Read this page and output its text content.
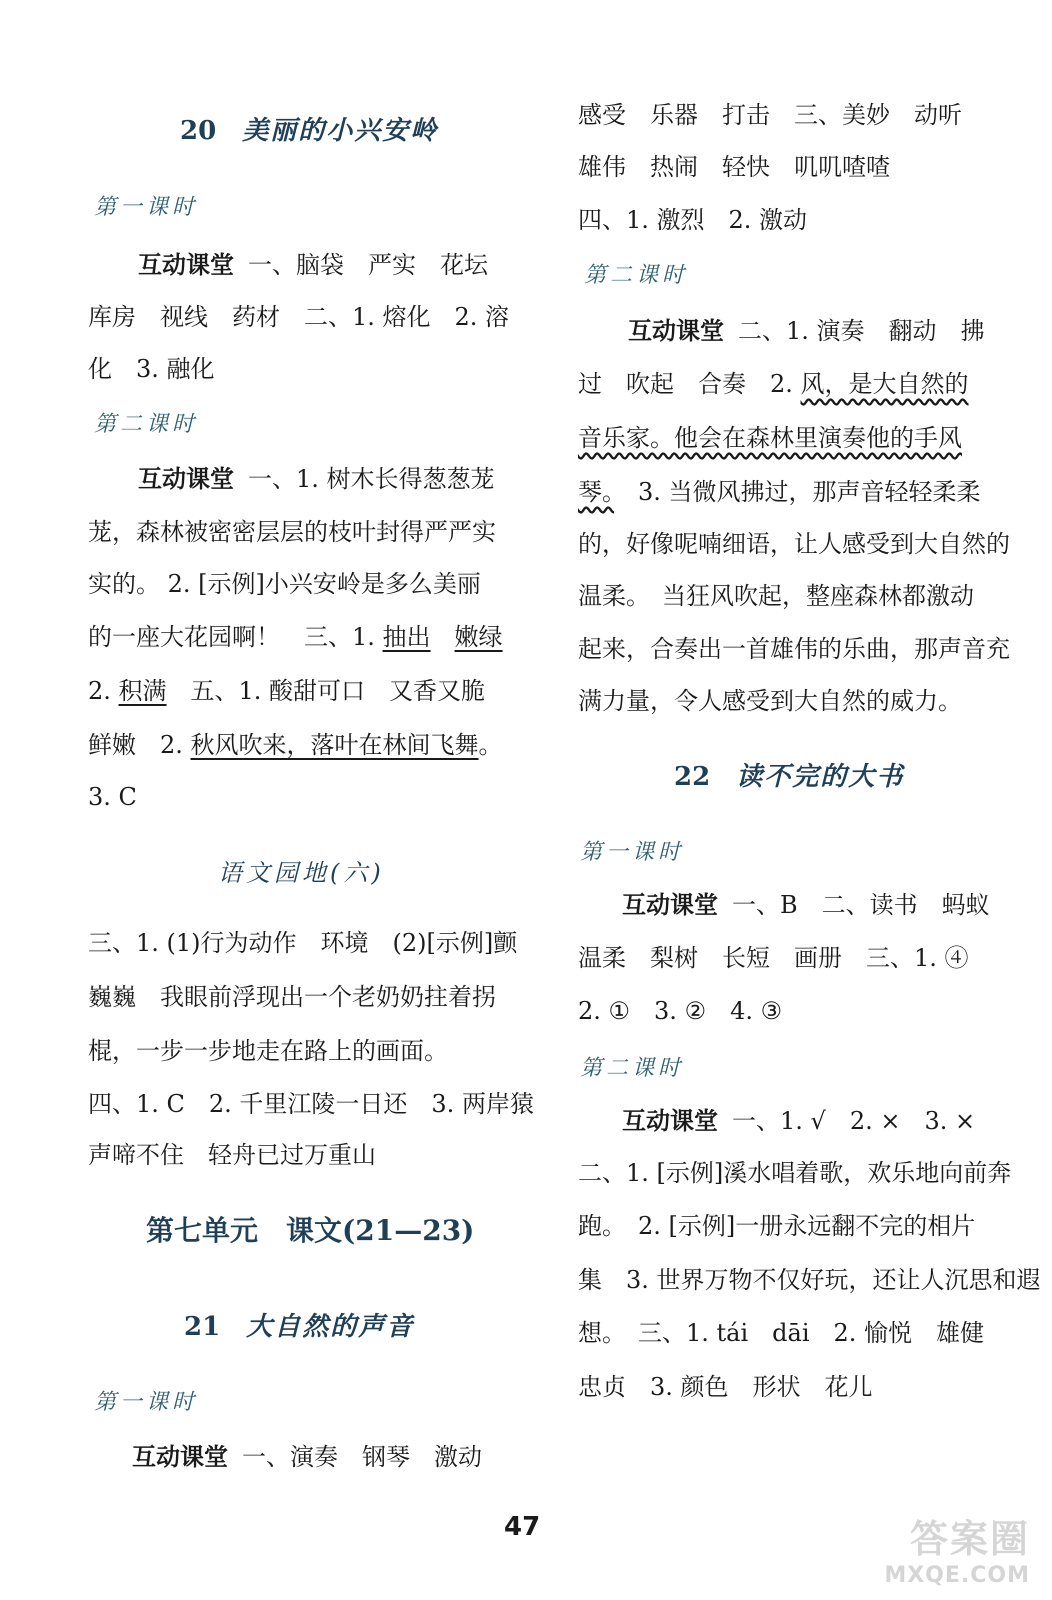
20 美丽的小兴安岭
第一课时
互动课堂 一、脑袋　严实　花坛
库房　视线　药材　二、1. 熔化　2. 溶
化　3. 融化
第二课时
互动课堂 一、1. 树木长得葱葱茏
茏，森林被密密层层的枝叶封得严严实
实的。 2. [示例]小兴安岭是多么美丽
的一座大花园啊！　三、1. 抽出　 嫩绿
2. 积满　五、1. 酸甜可口　又香又脆
鲜嫩　2. 秋风吹来，落叶在林间飞舞。
3. C
语文园地(六)
三、1. (1)行为动作　环境　(2)[示例]颤
巍巍　我眼前浮现出一个老奶奶拄着拐
棍，一步一步地走在路上的画面。
四、1. C　2. 千里江陵一日还　3. 两岸猿
声啼不住　轻舟已过万重山
第七单元　课文(21—23)
21 大自然的声音
第一课时
互动课堂 一、演奏　钢琴　激动
感受　乐器　打击　三、美妙　动听
雄伟　热闹　轻快　叽叽喳喳
四、1. 激烈　2. 激动
第二课时
互动课堂 二、1. 演奏　翻动　拂
过　吹起　合奏　2. 风，是大自然的
音乐家。他会在森林里演奏他的手风
琴。　3. 当微风拂过，那声音轻轻柔柔
的，好像呢喃细语，让人感受到大自然的
温柔。　当狂风吹起，整座森林都激动
起来，合奏出一首雄伟的乐曲，那声音充
满力量，令人感受到大自然的威力。
22 读不完的大书
第一课时
互动课堂 一、B　二、读书　蚂蚁
温柔　梨树　长短　画册　三、1. ④
2. ①　3. ②　4. ③
第二课时
互动课堂 一、1. √　2. ×　3. ×
二、1. [示例]溪水唱着歌，欢乐地向前奔
跑。　2. [示例]一册永远翻不完的相片
集　3. 世界万物不仅好玩，还让人沉思和遐
想。　三、1. tái　dāi　2. 愉悦　雄健
忠贞　3. 颜色　形状　花儿
47	答案圈
MXQE.COM
